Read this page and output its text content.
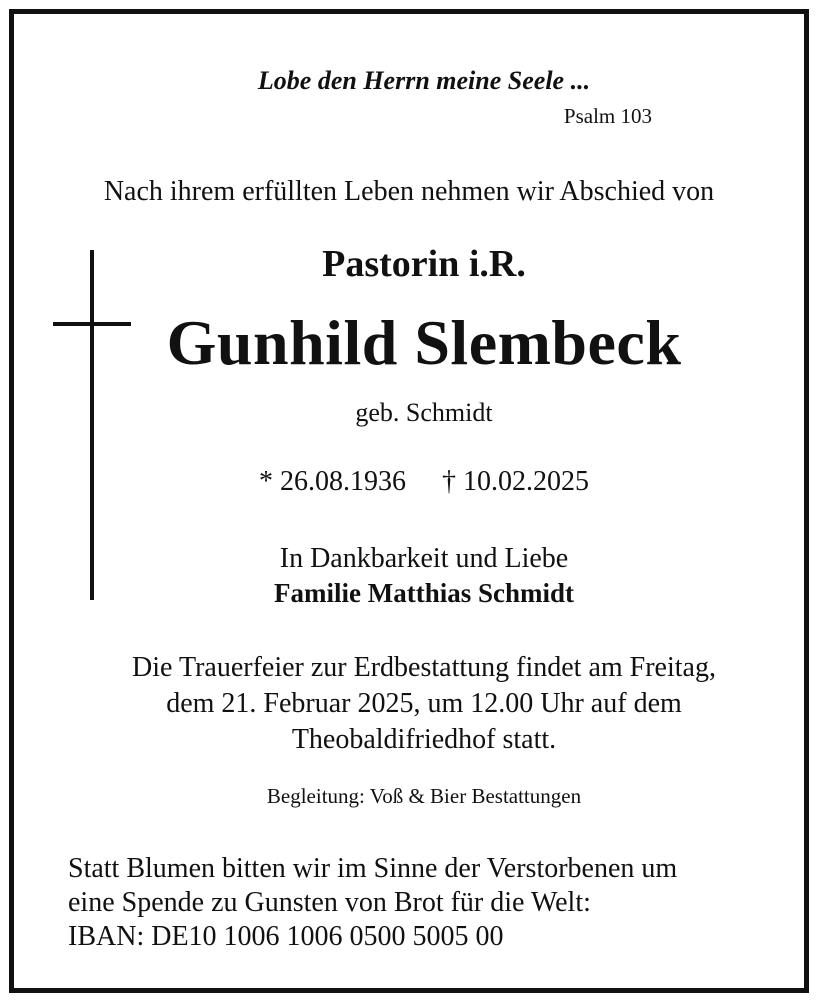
Lobe den Herrn meine Seele ...
Psalm 103
Nach ihrem erfüllten Leben nehmen wir Abschied von
Pastorin i.R.
Gunhild Slembeck
geb. Schmidt
* 26.08.1936 † 10.02.2025
In Dankbarkeit und Liebe
Familie Matthias Schmidt
Die Trauerfeier zur Erdbestattung findet am Freitag,
dem 21. Februar 2025, um 12.00 Uhr auf dem
Theobaldifriedhof statt.
Begleitung: Voß & Bier Bestattungen
Statt Blumen bitten wir im Sinne der Verstorbenen um
eine Spende zu Gunsten von Brot für die Welt:
IBAN: DE10 1006 1006 0500 5005 00
